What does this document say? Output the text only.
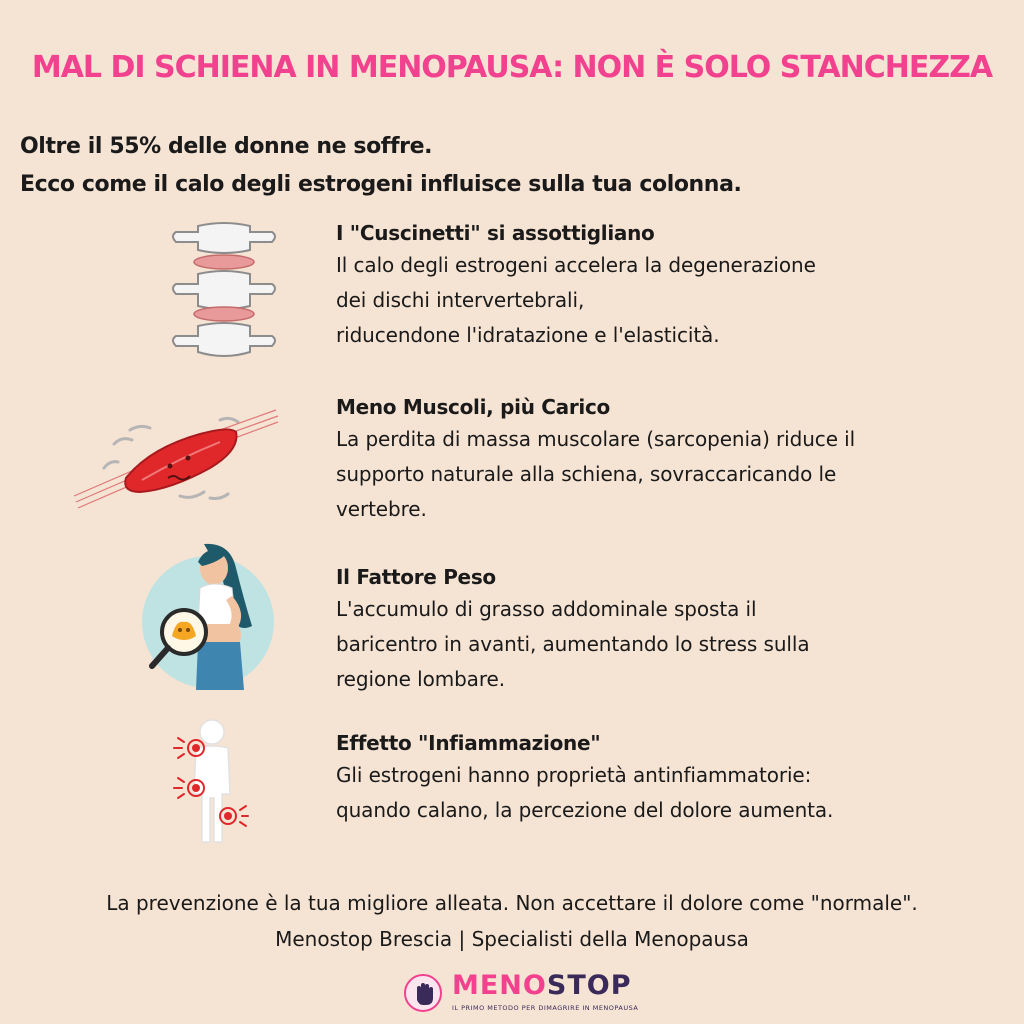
MAL DI SCHIENA IN MENOPAUSA: NON È SOLO STANCHEZZA
Oltre il 55% delle donne ne soffre.
Ecco come il calo degli estrogeni influisce sulla tua colonna.
I "Cuscinetti" si assottigliano

Il calo degli estrogeni accelera la degenerazione

dei dischi intervertebrali,

riducendone l'idratazione e l'elasticità.

Meno Muscoli, più Carico

La perdita di massa muscolare (sarcopenia) riduce il

supporto naturale alla schiena, sovraccaricando le

vertebre.

Il Fattore Peso

L'accumulo di grasso addominale sposta il

baricentro in avanti, aumentando lo stress sulla

regione lombare.

Effetto "Infiammazione"

Gli estrogeni hanno proprietà antinfiammatorie:

quando calano, la percezione del dolore aumenta.

La prevenzione è la tua migliore alleata. Non accettare il dolore come "normale".
Menostop Brescia | Specialisti della Menopausa
MENOSTOP
IL PRIMO METODO PER DIMAGRIRE IN MENOPAUSA
